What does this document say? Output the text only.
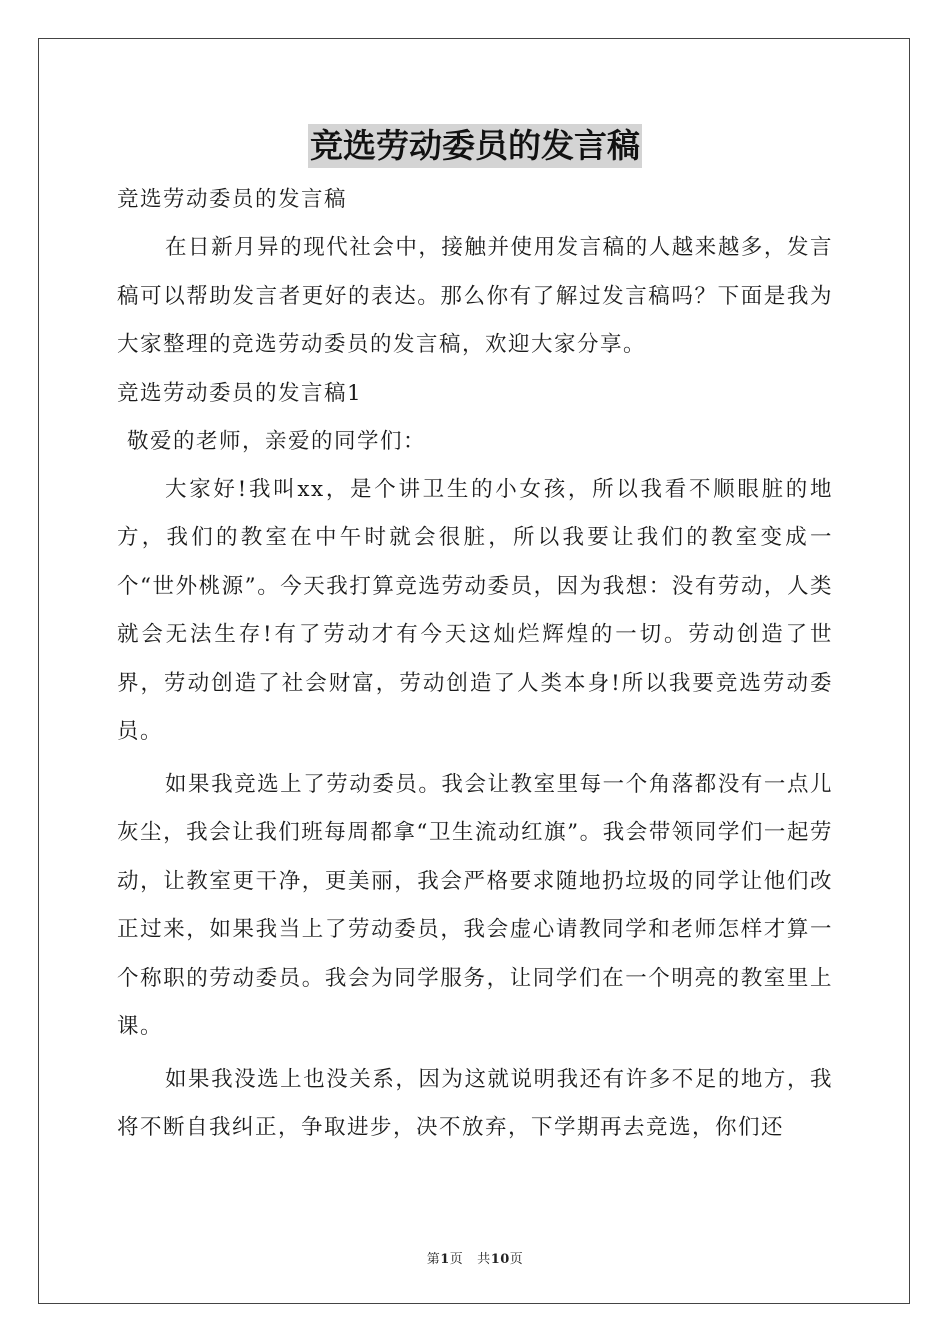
竞选劳动委员的发言稿

竞选劳动委员的发言稿

在日新月异的现代社会中，接触并使用发言稿的人越来越多，发言稿可以帮助发言者更好的表达。那么你有了解过发言稿吗？下面是我为大家整理的竞选劳动委员的发言稿，欢迎大家分享。

竞选劳动委员的发言稿1

敬爱的老师，亲爱的同学们：

大家好!我叫xx，是个讲卫生的小女孩，所以我看不顺眼脏的地方，我们的教室在中午时就会很脏，所以我要让我们的教室变成一个“世外桃源”。今天我打算竞选劳动委员，因为我想：没有劳动，人类就会无法生存!有了劳动才有今天这灿烂辉煌的一切。劳动创造了世界，劳动创造了社会财富，劳动创造了人类本身!所以我要竞选劳动委员。

如果我竞选上了劳动委员。我会让教室里每一个角落都没有一点儿灰尘，我会让我们班每周都拿“卫生流动红旗”。我会带领同学们一起劳动，让教室更干净，更美丽，我会严格要求随地扔垃圾的同学让他们改正过来，如果我当上了劳动委员，我会虚心请教同学和老师怎样才算一个称职的劳动委员。我会为同学服务，让同学们在一个明亮的教室里上课。

如果我没选上也没关系，因为这就说明我还有许多不足的地方，我将不断自我纠正，争取进步，决不放弃，下学期再去竞选，你们还

第1页 共10页
